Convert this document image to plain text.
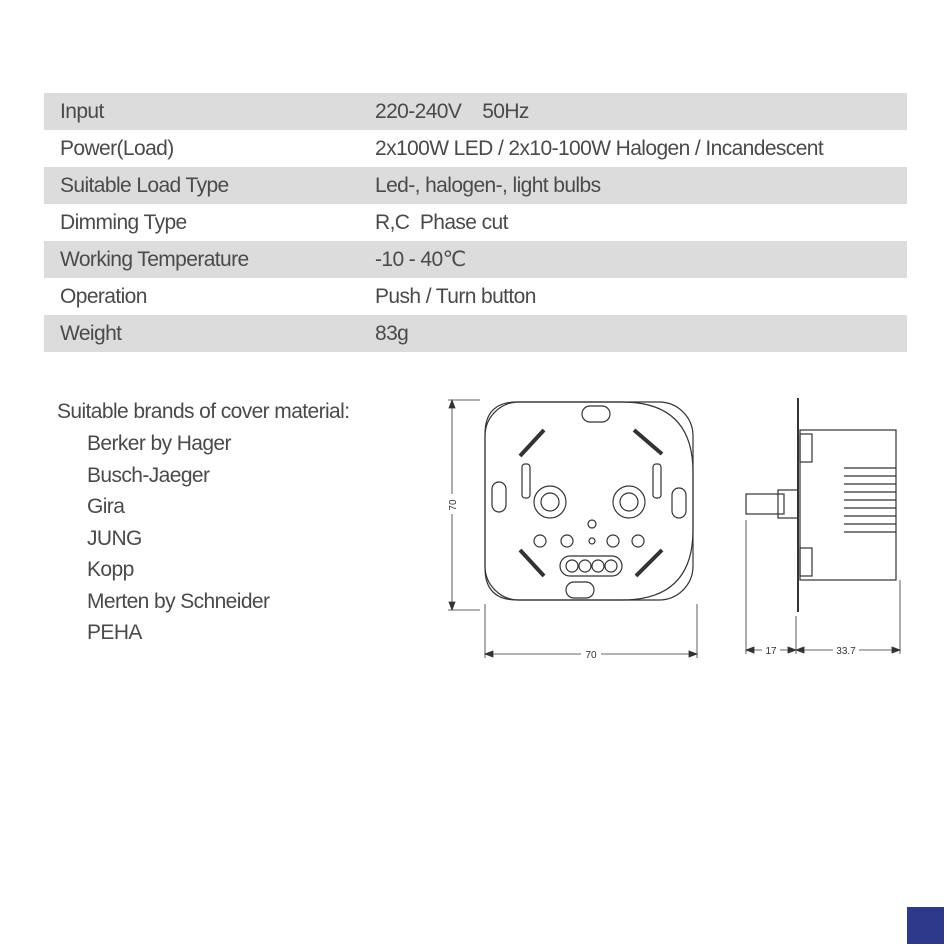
Input	220-240V    50Hz
Power(Load)	2x100W LED / 2x10-100W Halogen / Incandescent
Suitable Load Type	Led-, halogen-, light bulbs
Dimming Type	R,C  Phase cut
Working Temperature	-10 - 40℃
Operation	Push / Turn button
Weight	83g
Suitable brands of cover material:
Berker by Hager
Busch-Jaeger
Gira
JUNG
Kopp
Merten by Schneider
PEHA
70
70	17	33.7
